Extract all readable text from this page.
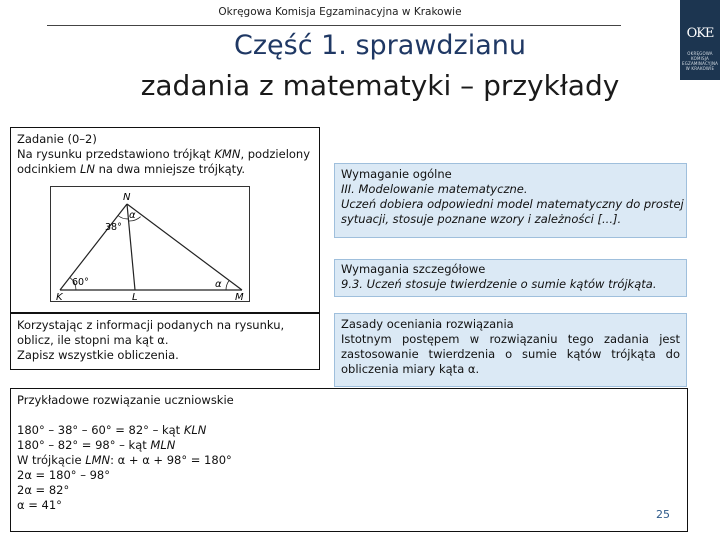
Okręgowa Komisja Egzaminacyjna w Krakowie
OKE
OKRĘGOWA
KOMISJA
EGZAMINACYJNA
W KRAKOWIE
Część 1. sprawdzianu
zadania z matematyki – przykłady
Zadanie (0–2)
Na rysunku przedstawiono trójkąt KMN, podzielony
odcinkiem LN na dwa mniejsze trójkąty.
N
K	L	M
α
α
38°
60°
Wymaganie ogólne
III. Modelowanie matematyczne.
Uczeń dobiera odpowiedni model matematyczny do prostej
sytuacji, stosuje poznane wzory i zależności [...].
Wymagania szczegółowe
9.3. Uczeń stosuje twierdzenie o sumie kątów trójkąta.
Korzystając z informacji podanych na rysunku,
oblicz, ile stopni ma kąt α.
Zapisz wszystkie obliczenia.
Zasady oceniania rozwiązania
Istotnym postępem w rozwiązaniu tego zadania jest zastosowanie twierdzenia o sumie kątów trójkąta do obliczenia miary kąta α.
Przykładowe rozwiązanie uczniowskie
180° – 38° – 60° = 82° – kąt KLN
180° – 82° = 98° – kąt MLN
W trójkącie LMN: α + α + 98° = 180°
2α = 180° – 98°
2α = 82°
α = 41°
25
